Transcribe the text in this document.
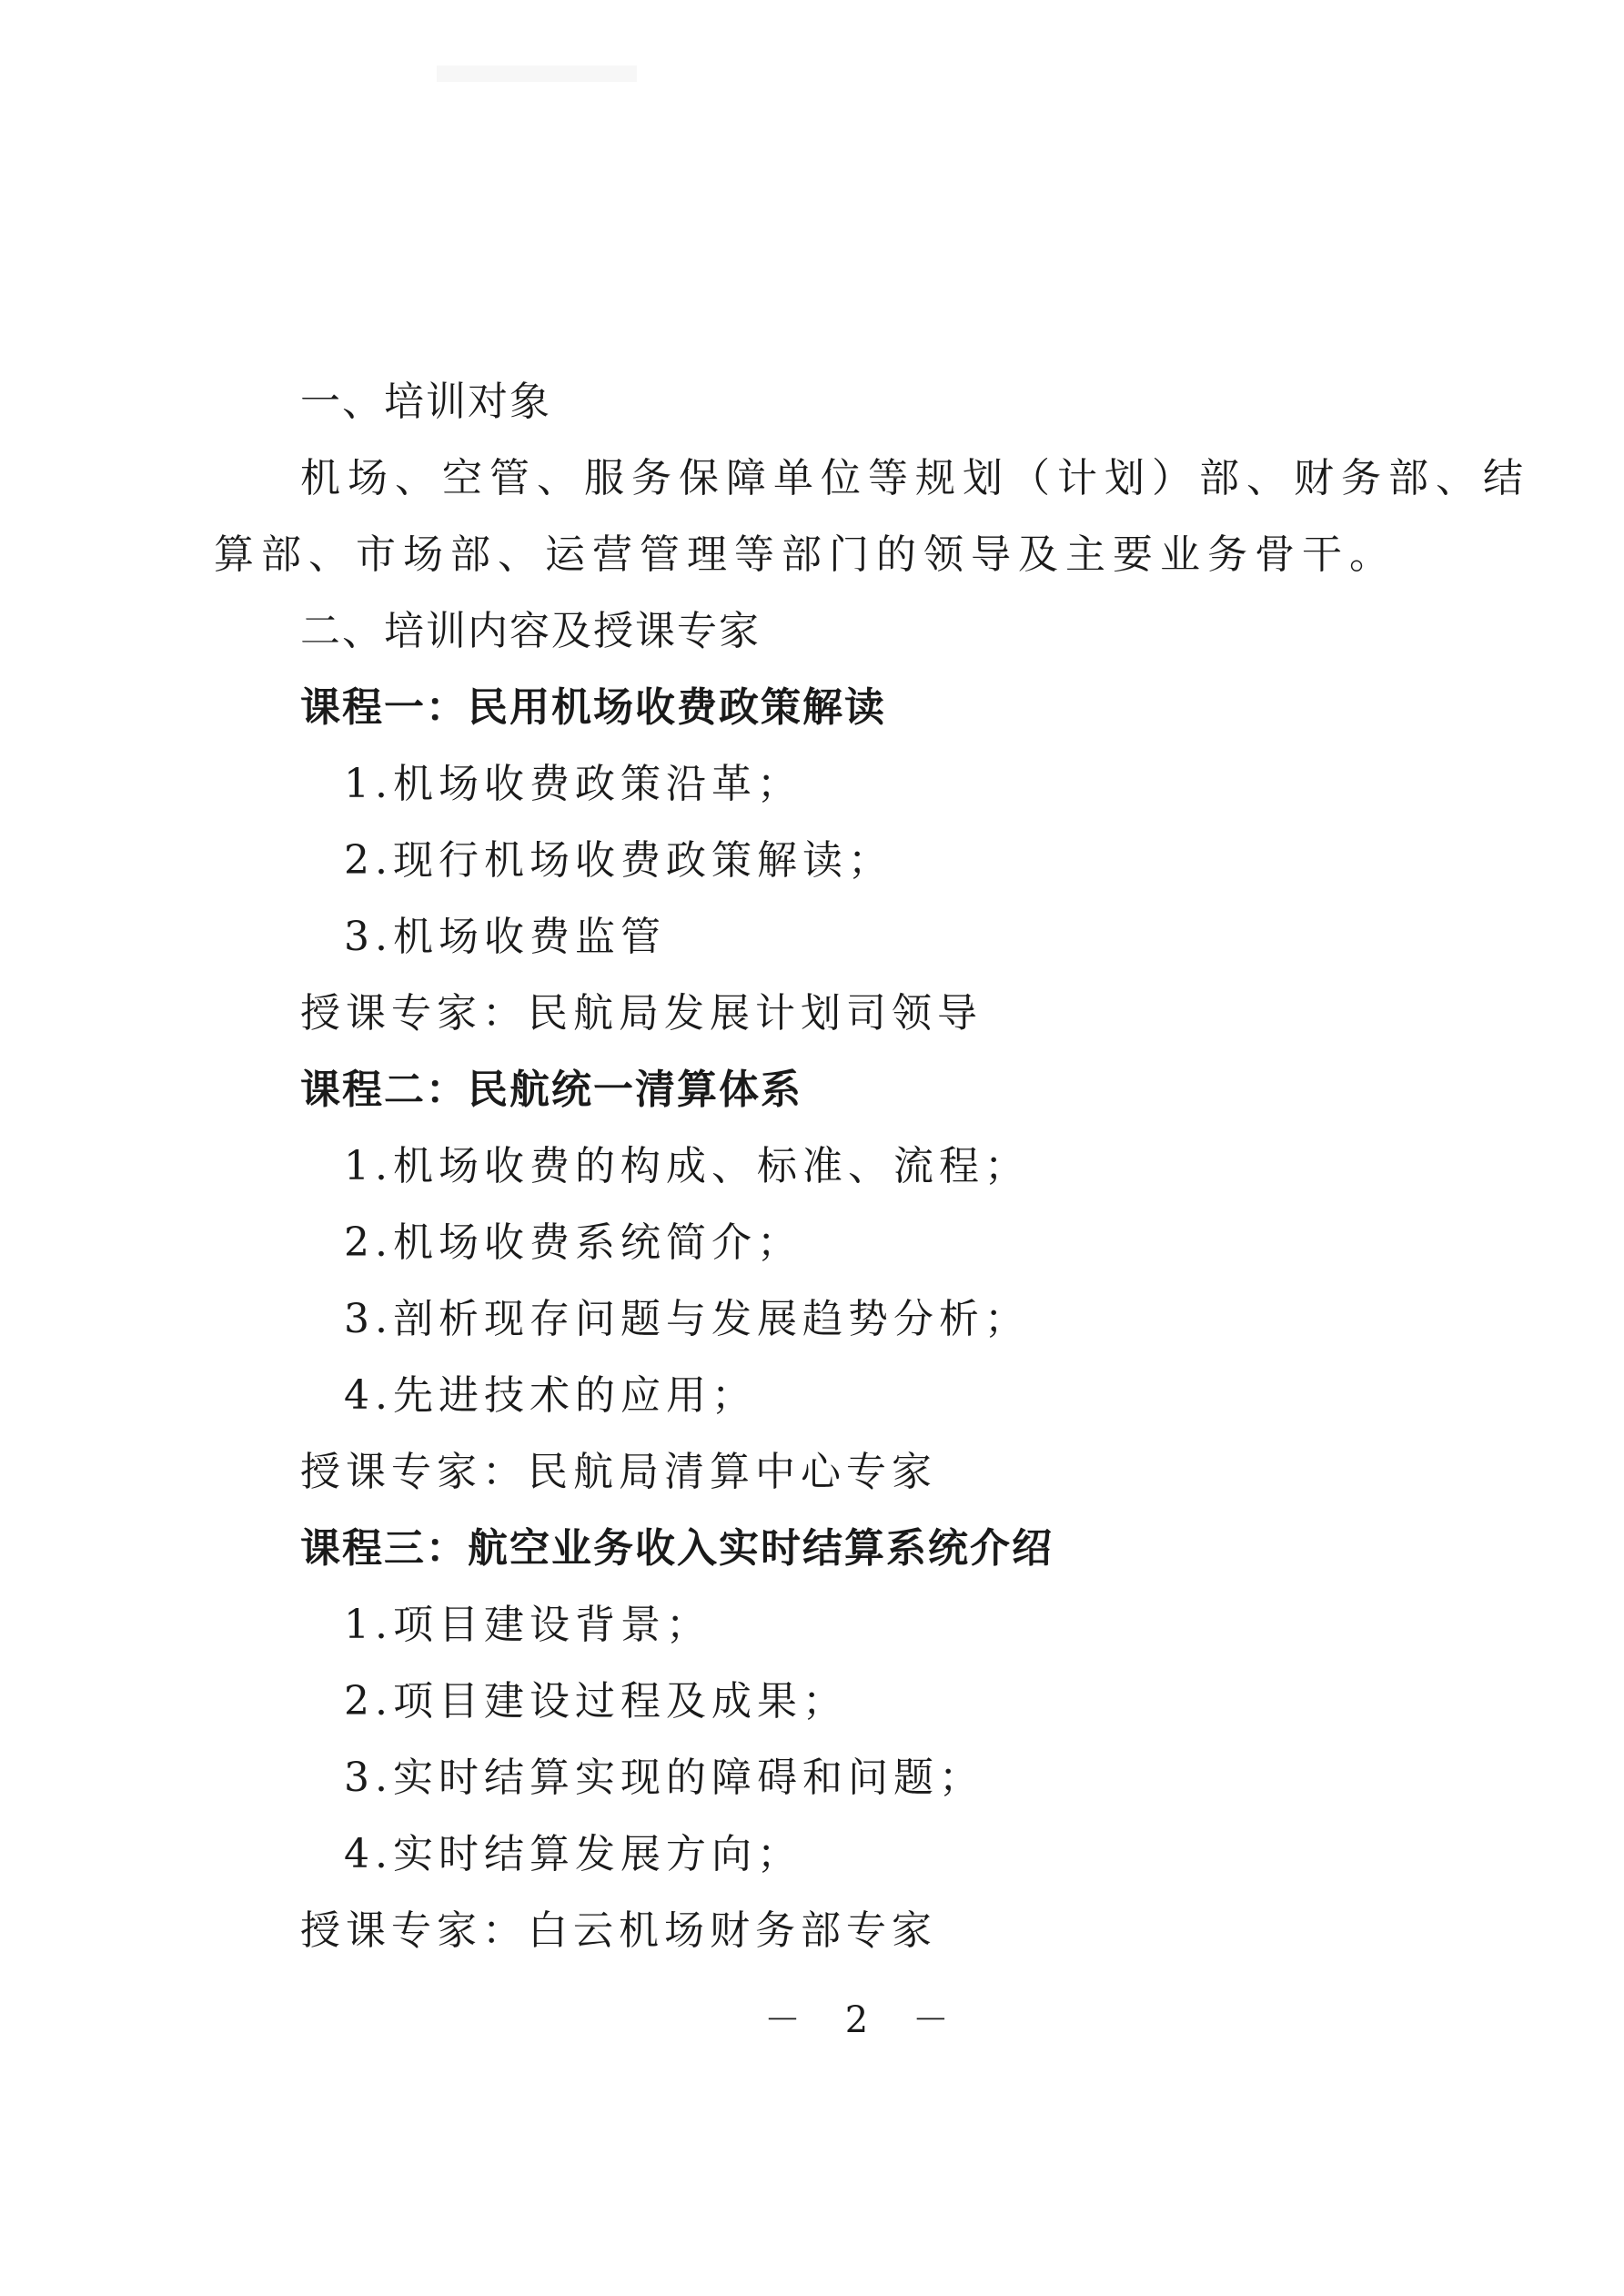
一、培训对象
机场、空管、服务保障单位等规划（计划）部、财务部、结
算部、市场部、运营管理等部门的领导及主要业务骨干。
二、培训内容及授课专家
课程一：民用机场收费政策解读
1.机场收费政策沿革；
2.现行机场收费政策解读；
3.机场收费监管
授课专家：民航局发展计划司领导
课程二：民航统一清算体系
1.机场收费的构成、标准、流程；
2.机场收费系统简介；
3.剖析现存问题与发展趋势分析；
4.先进技术的应用；
授课专家：民航局清算中心专家
课程三：航空业务收入实时结算系统介绍
1.项目建设背景；
2.项目建设过程及成果；
3.实时结算实现的障碍和问题；
4.实时结算发展方向；
授课专家：白云机场财务部专家
－ 2 －
